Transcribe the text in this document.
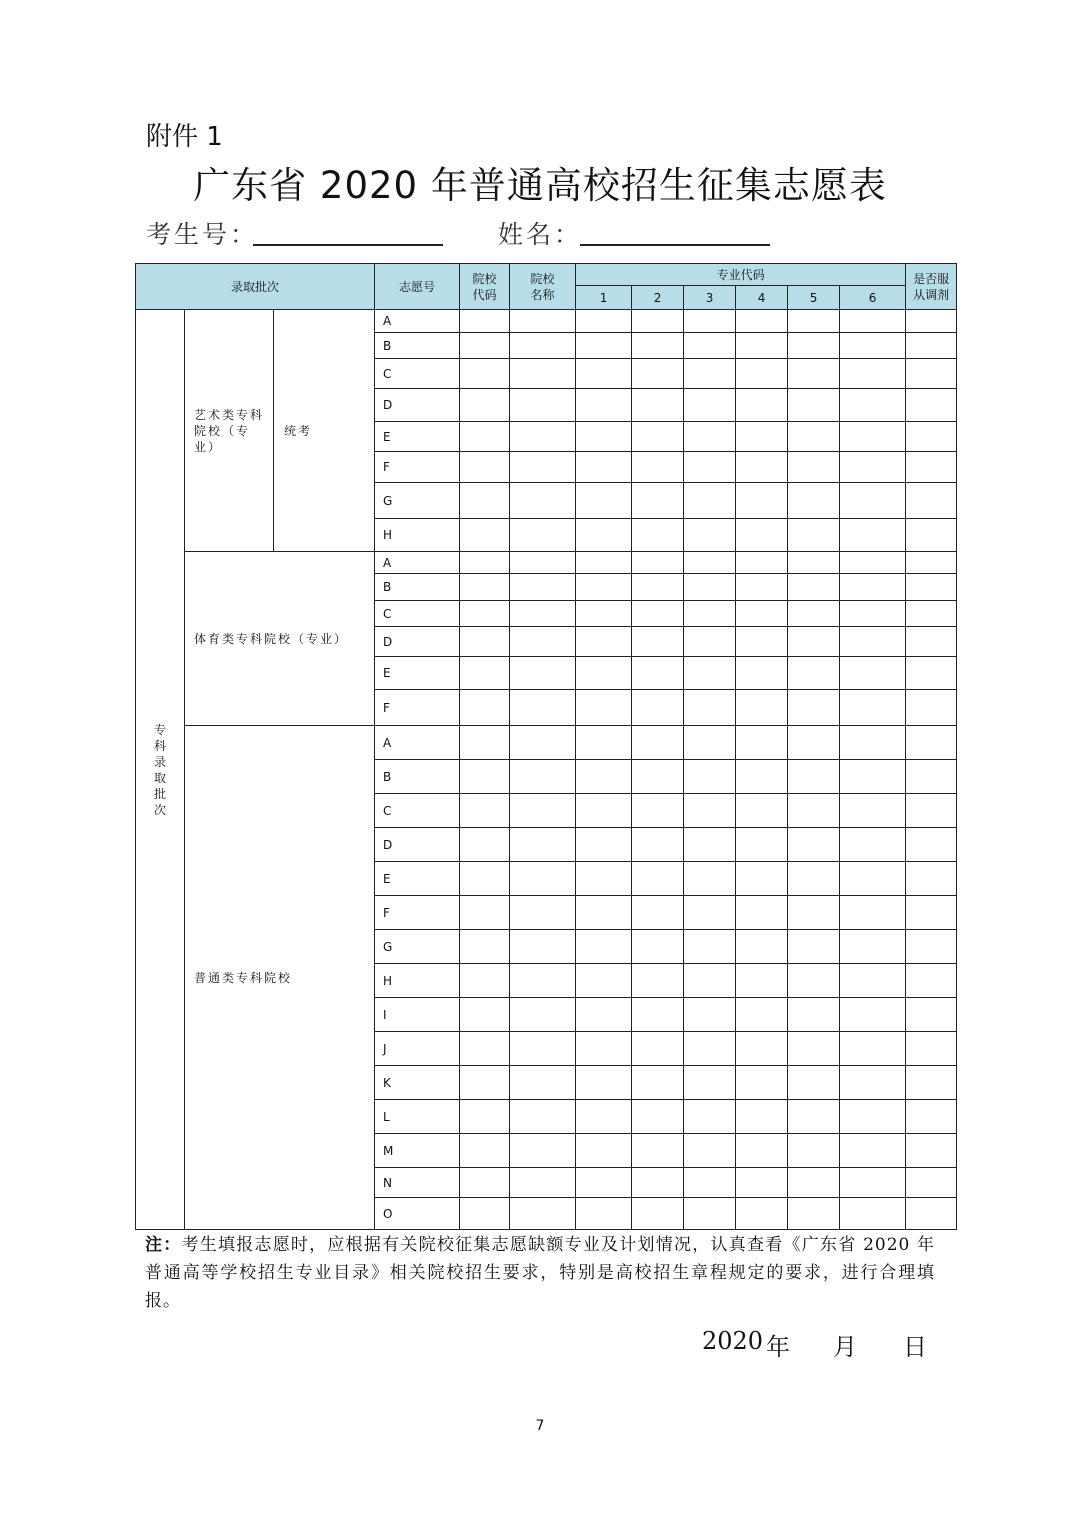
附件 1
广东省 2020 年普通高校招生征集志愿表
考生号：	姓名：
录取批次			志愿号	院校代码	院校名称	专业代码						是否服从调剂
						1	2	3	4	5	6	
专科录取批次	艺术类专科院校（专业）	统考	A									
			B									
			C									
			D									
			E									
			F									
			G									
			H									
	体育类专科院校（专业）		A									
			B									
			C									
			D									
			E									
			F									
	普通类专科院校		A									
			B									
			C									
			D									
			E									
			F									
			G									
			H									
			I									
			J									
			K									
			L									
			M									
			N									
			O									
注：考生填报志愿时，应根据有关院校征集志愿缺额专业及计划情况，认真查看《广东省 2020 年普通高等学校招生专业目录》相关院校招生要求，特别是高校招生章程规定的要求，进行合理填报。
2020 年 月 日
7
